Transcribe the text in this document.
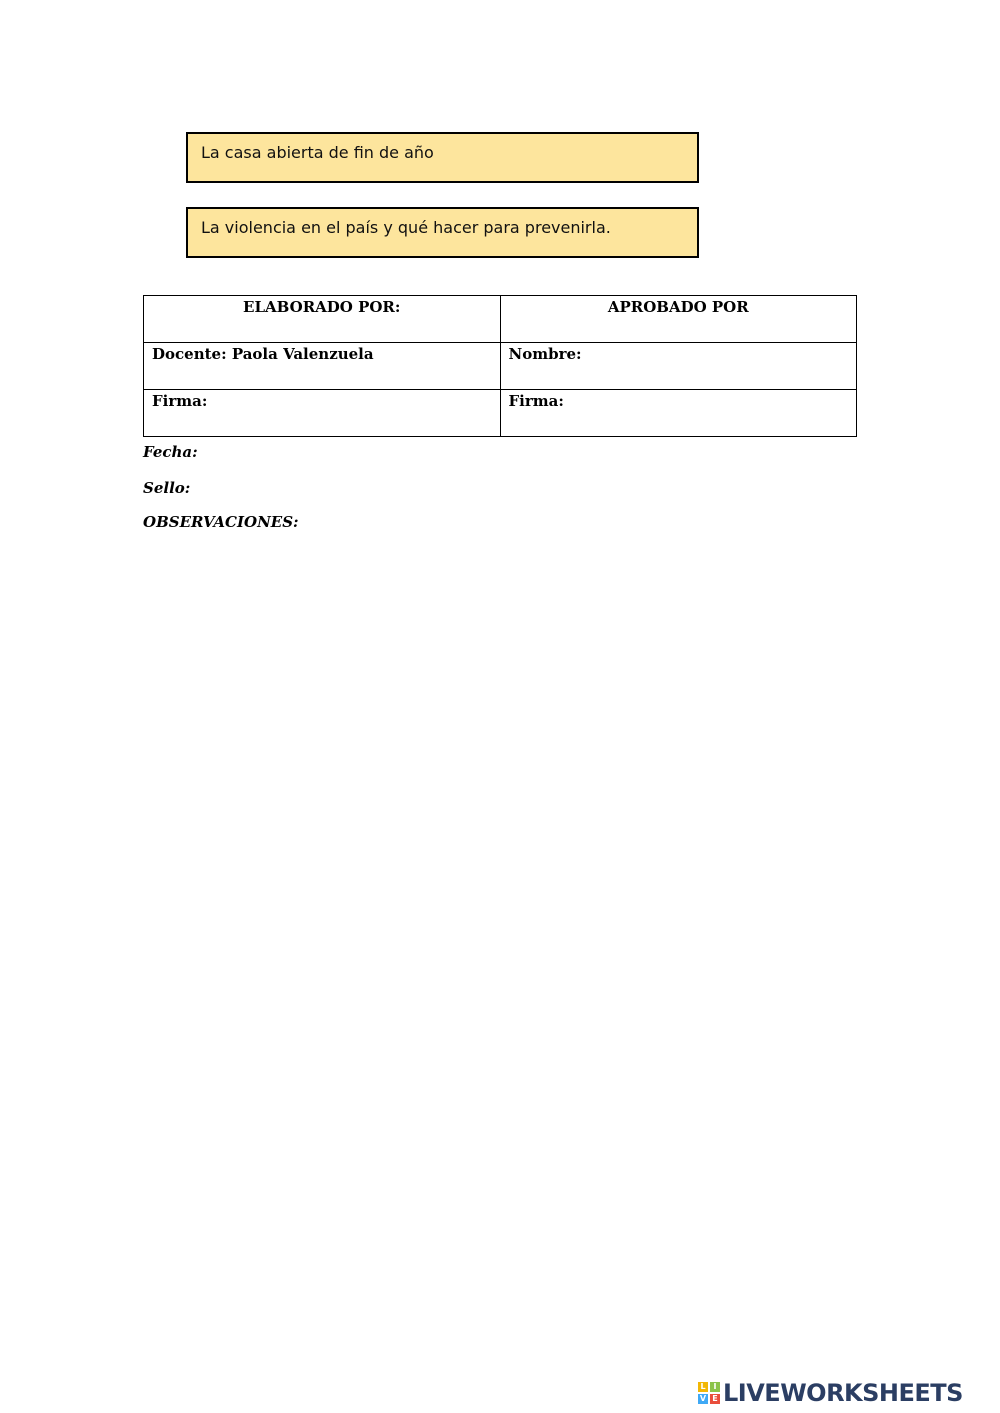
La casa abierta de fin de año
La violencia en el país y qué hacer para prevenirla.
ELABORADO POR:	APROBADO POR
Docente: Paola Valenzuela	Nombre:
Firma:	Firma:
Fecha:
Sello:
OBSERVACIONES:
L I
V E LIVEWORKSHEETS
